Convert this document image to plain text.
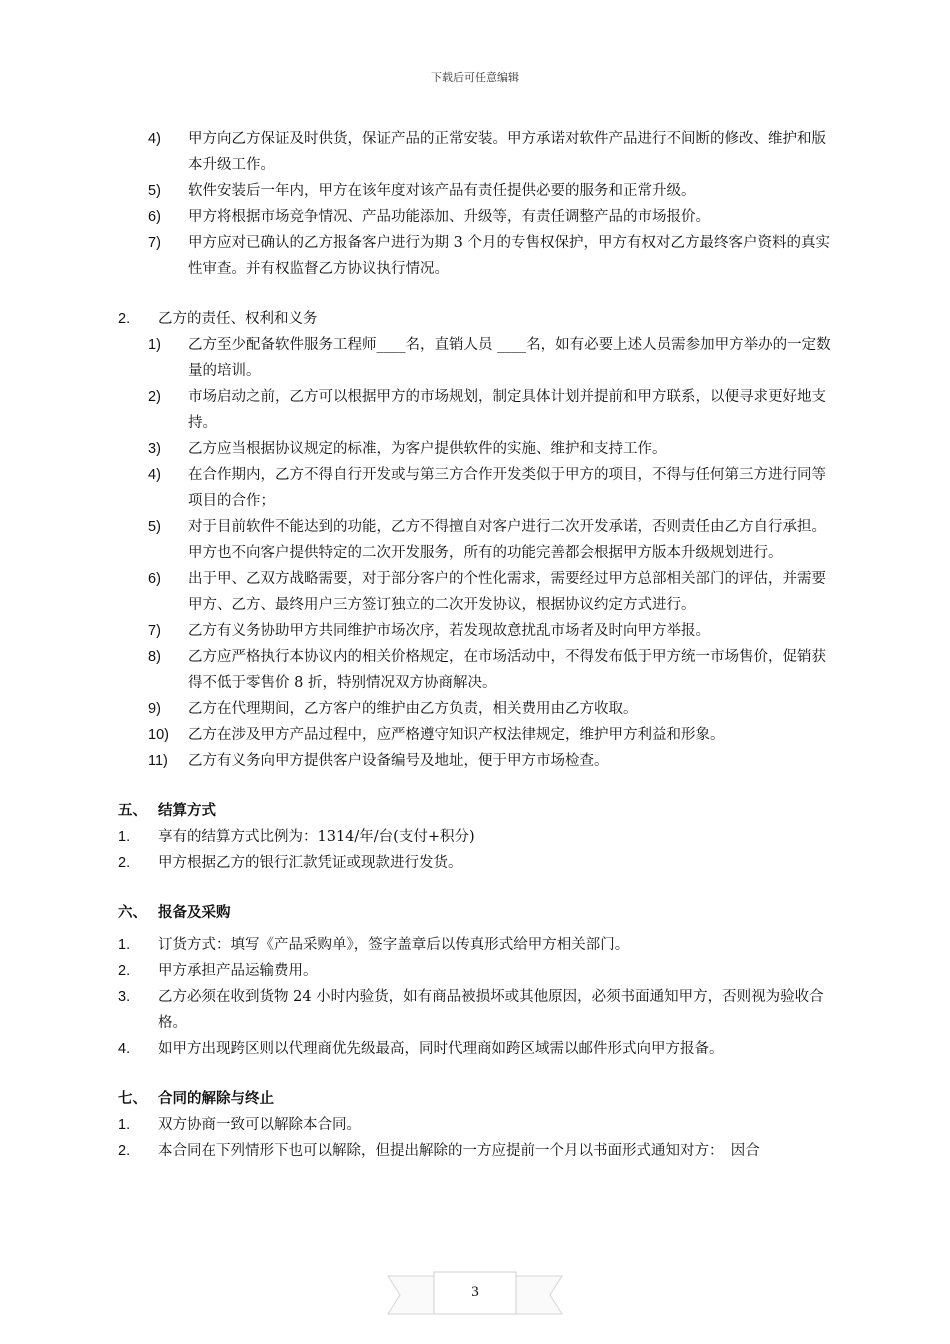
下载后可任意编辑
4) 甲方向乙方保证及时供货，保证产品的正常安装。甲方承诺对软件产品进行不间断的修改、维护和版本升级工作。
5) 软件安装后一年内，甲方在该年度对该产品有责任提供必要的服务和正常升级。
6) 甲方将根据市场竞争情况、产品功能添加、升级等，有责任调整产品的市场报价。
7) 甲方应对已确认的乙方报备客户进行为期 3 个月的专售权保护，甲方有权对乙方最终客户资料的真实性审查。并有权监督乙方协议执行情况。
2. 乙方的责任、权利和义务
1) 乙方至少配备软件服务工程师____名，直销人员 ____名，如有必要上述人员需参加甲方举办的一定数量的培训。
2) 市场启动之前，乙方可以根据甲方的市场规划，制定具体计划并提前和甲方联系，以便寻求更好地支持。
3) 乙方应当根据协议规定的标准，为客户提供软件的实施、维护和支持工作。
4) 在合作期内，乙方不得自行开发或与第三方合作开发类似于甲方的项目，不得与任何第三方进行同等项目的合作；
5) 对于目前软件不能达到的功能，乙方不得擅自对客户进行二次开发承诺，否则责任由乙方自行承担。甲方也不向客户提供特定的二次开发服务，所有的功能完善都会根据甲方版本升级规划进行。
6) 出于甲、乙双方战略需要，对于部分客户的个性化需求，需要经过甲方总部相关部门的评估，并需要甲方、乙方、最终用户三方签订独立的二次开发协议，根据协议约定方式进行。
7) 乙方有义务协助甲方共同维护市场次序，若发现故意扰乱市场者及时向甲方举报。
8) 乙方应严格执行本协议内的相关价格规定，在市场活动中，不得发布低于甲方统一市场售价，促销获得不低于零售价 8 折，特别情况双方协商解决。
9) 乙方在代理期间，乙方客户的维护由乙方负责，相关费用由乙方收取。
10) 乙方在涉及甲方产品过程中，应严格遵守知识产权法律规定，维护甲方利益和形象。
11) 乙方有义务向甲方提供客户设备编号及地址，便于甲方市场检查。
五、 结算方式
1. 享有的结算方式比例为：1314/年/台(支付+积分)
2. 甲方根据乙方的银行汇款凭证或现款进行发货。
六、 报备及采购
1. 订货方式：填写《产品采购单》，签字盖章后以传真形式给甲方相关部门。
2. 甲方承担产品运输费用。
3. 乙方必须在收到货物 24 小时内验货，如有商品被损坏或其他原因，必须书面通知甲方，否则视为验收合格。
4. 如甲方出现跨区则以代理商优先级最高，同时代理商如跨区域需以邮件形式向甲方报备。
七、 合同的解除与终止
1. 双方协商一致可以解除本合同。
2. 本合同在下列情形下也可以解除，但提出解除的一方应提前一个月以书面形式通知对方：　因合
3
